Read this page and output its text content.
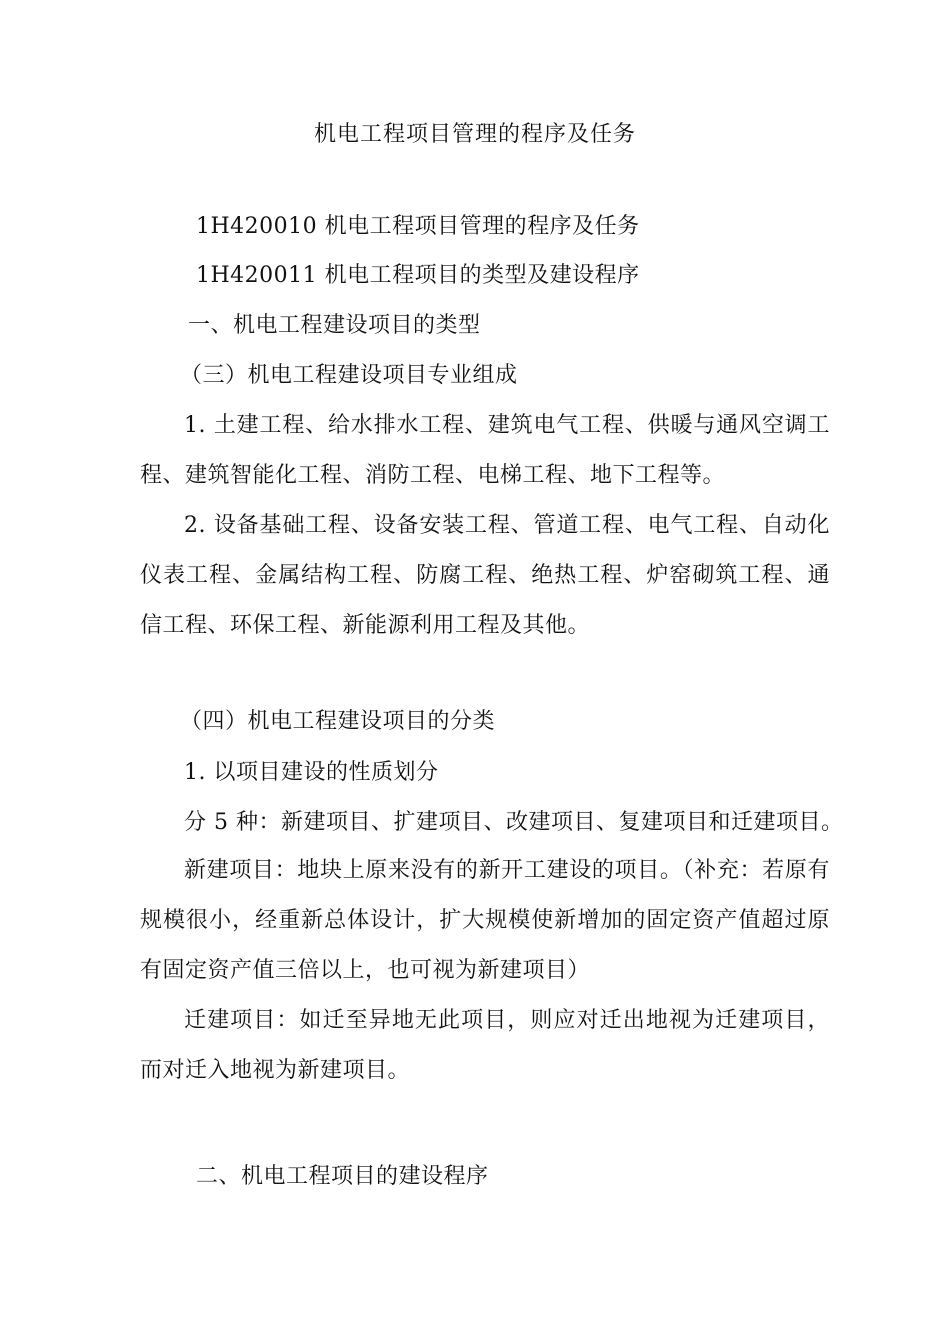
机电工程项目管理的程序及任务
1H420010 机电工程项目管理的程序及任务
1H420011 机电工程项目的类型及建设程序
一、机电工程建设项目的类型
（三）机电工程建设项目专业组成
1. 土建工程、给水排水工程、建筑电气工程、供暖与通风空调工程、建筑智能化工程、消防工程、电梯工程、地下工程等。
2. 设备基础工程、设备安装工程、管道工程、电气工程、自动化仪表工程、金属结构工程、防腐工程、绝热工程、炉窑砌筑工程、通信工程、环保工程、新能源利用工程及其他。
（四）机电工程建设项目的分类
1. 以项目建设的性质划分
分 5 种：新建项目、扩建项目、改建项目、复建项目和迁建项目。
新建项目：地块上原来没有的新开工建设的项目。（补充：若原有规模很小，经重新总体设计，扩大规模使新增加的固定资产值超过原有固定资产值三倍以上，也可视为新建项目）
迁建项目：如迁至异地无此项目，则应对迁出地视为迁建项目，而对迁入地视为新建项目。
二、机电工程项目的建设程序
